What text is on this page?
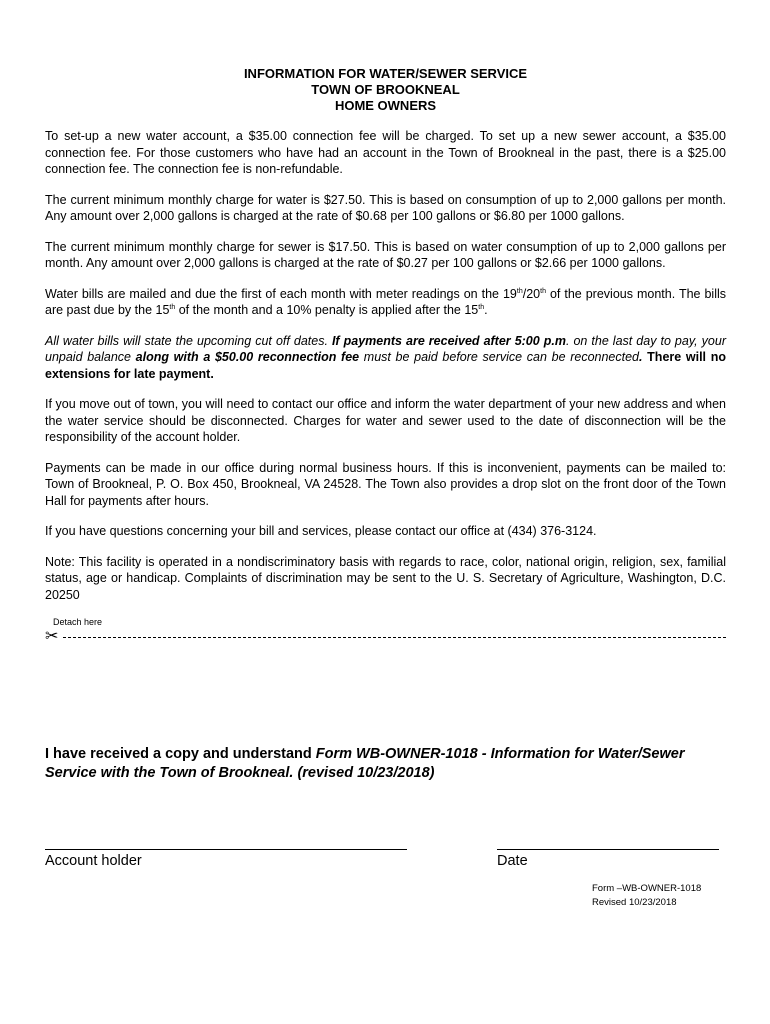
INFORMATION FOR WATER/SEWER SERVICE
TOWN OF BROOKNEAL
HOME OWNERS

To set-up a new water account, a $35.00 connection fee will be charged. To set up a new sewer account, a $35.00 connection fee. For those customers who have had an account in the Town of Brookneal in the past, there is a $25.00 connection fee. The connection fee is non-refundable.

The current minimum monthly charge for water is $27.50. This is based on consumption of up to 2,000 gallons per month. Any amount over 2,000 gallons is charged at the rate of $0.68 per 100 gallons or $6.80 per 1000 gallons.

The current minimum monthly charge for sewer is $17.50. This is based on water consumption of up to 2,000 gallons per month. Any amount over 2,000 gallons is charged at the rate of $0.27 per 100 gallons or $2.66 per 1000 gallons.

Water bills are mailed and due the first of each month with meter readings on the 19th/20th of the previous month. The bills are past due by the 15th of the month and a 10% penalty is applied after the 15th.

All water bills will state the upcoming cut off dates. If payments are received after 5:00 p.m. on the last day to pay, your unpaid balance along with a $50.00 reconnection fee must be paid before service can be reconnected. There will no extensions for late payment.

If you move out of town, you will need to contact our office and inform the water department of your new address and when the water service should be disconnected. Charges for water and sewer used to the date of disconnection will be the responsibility of the account holder.

Payments can be made in our office during normal business hours. If this is inconvenient, payments can be mailed to: Town of Brookneal, P. O. Box 450, Brookneal, VA 24528. The Town also provides a drop slot on the front door of the Town Hall for payments after hours.

If you have questions concerning your bill and services, please contact our office at (434) 376-3124.

Note: This facility is operated in a nondiscriminatory basis with regards to race, color, national origin, religion, sex, familial status, age or handicap. Complaints of discrimination may be sent to the U. S. Secretary of Agriculture, Washington, D.C. 20250

Detach here
✂
I have received a copy and understand Form WB-OWNER-1018 - Information for Water/Sewer Service with the Town of Brookneal. (revised 10/23/2018)
Account holder	Date
Form –WB-OWNER-1018
Revised 10/23/2018
